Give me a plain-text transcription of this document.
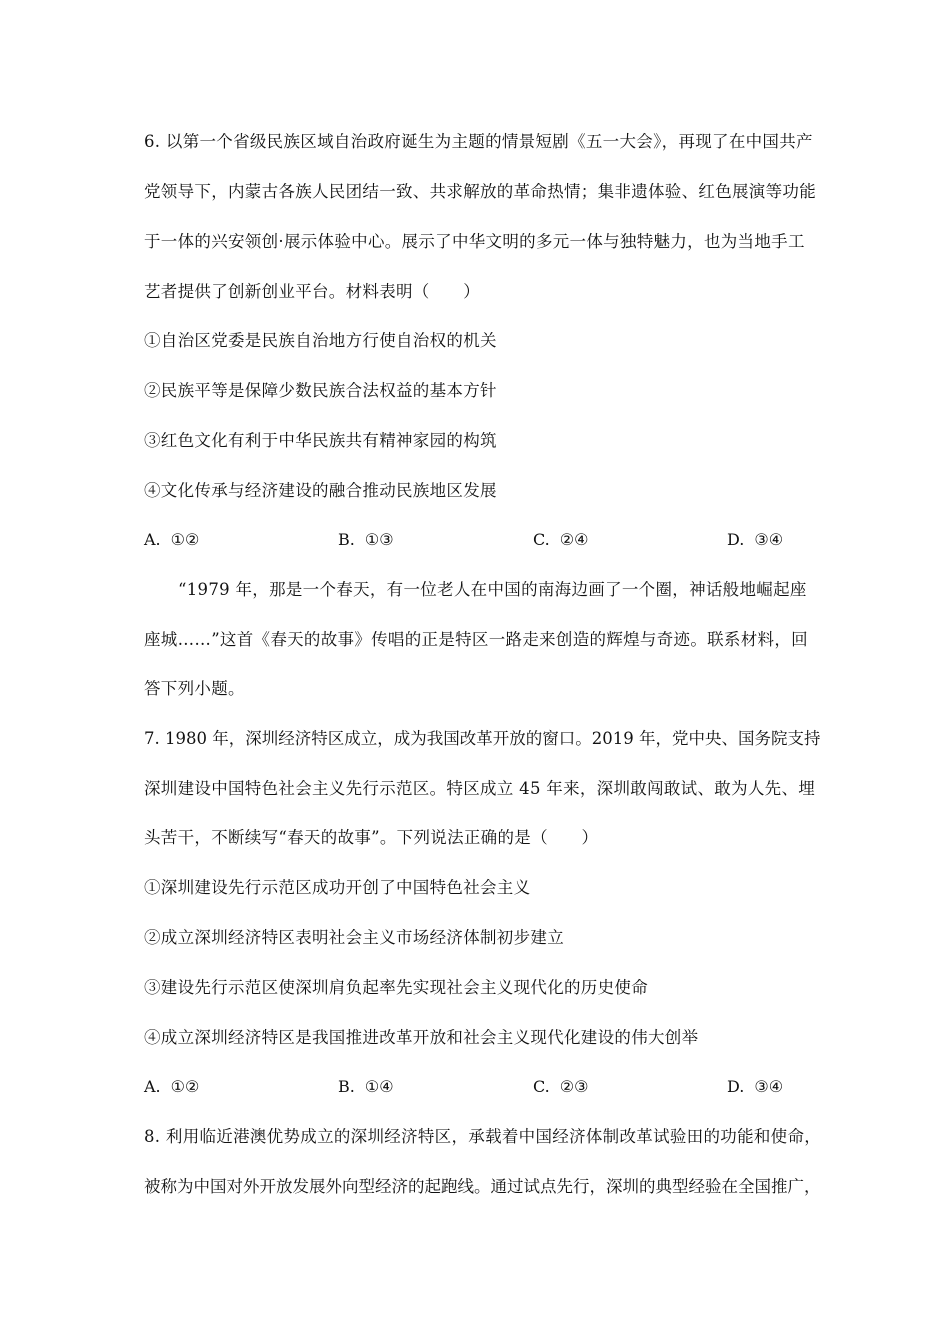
6. 以第一个省级民族区域自治政府诞生为主题的情景短剧《五一大会》，再现了在中国共产
党领导下，内蒙古各族人民团结一致、共求解放的革命热情；集非遗体验、红色展演等功能
于一体的兴安领创·展示体验中心。展示了中华文明的多元一体与独特魅力，也为当地手工
艺者提供了创新创业平台。材料表明（　　）
①自治区党委是民族自治地方行使自治权的机关
②民族平等是保障少数民族合法权益的基本方针
③红色文化有利于中华民族共有精神家园的构筑
④文化传承与经济建设的融合推动民族地区发展
A. ①②	B. ①③	C. ②④	D. ③④
“1979 年，那是一个春天，有一位老人在中国的南海边画了一个圈，神话般地崛起座
座城……”这首《春天的故事》传唱的正是特区一路走来创造的辉煌与奇迹。联系材料，回
答下列小题。
7. 1980 年，深圳经济特区成立，成为我国改革开放的窗口。2019 年，党中央、国务院支持
深圳建设中国特色社会主义先行示范区。特区成立 45 年来，深圳敢闯敢试、敢为人先、埋
头苦干，不断续写“春天的故事”。下列说法正确的是（　　）
①深圳建设先行示范区成功开创了中国特色社会主义
②成立深圳经济特区表明社会主义市场经济体制初步建立
③建设先行示范区使深圳肩负起率先实现社会主义现代化的历史使命
④成立深圳经济特区是我国推进改革开放和社会主义现代化建设的伟大创举
A. ①②	B. ①④	C. ②③	D. ③④
8. 利用临近港澳优势成立的深圳经济特区，承载着中国经济体制改革试验田的功能和使命，
被称为中国对外开放发展外向型经济的起跑线。通过试点先行，深圳的典型经验在全国推广，
